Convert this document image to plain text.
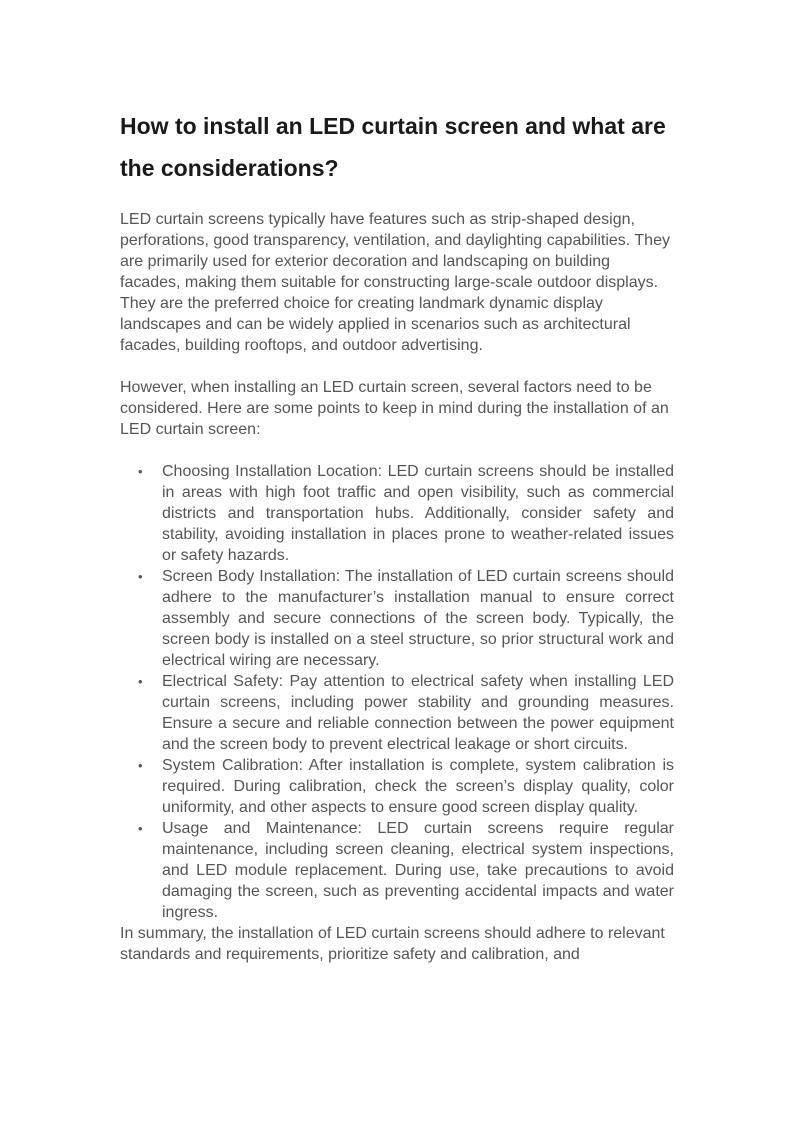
How to install an LED curtain screen and what are the considerations?

LED curtain screens typically have features such as strip-shaped design, perforations, good transparency, ventilation, and daylighting capabilities. They are primarily used for exterior decoration and landscaping on building facades, making them suitable for constructing large-scale outdoor displays. They are the preferred choice for creating landmark dynamic display landscapes and can be widely applied in scenarios such as architectural facades, building rooftops, and outdoor advertising.

However, when installing an LED curtain screen, several factors need to be considered. Here are some points to keep in mind during the installation of an LED curtain screen:

• Choosing Installation Location: LED curtain screens should be installed in areas with high foot traffic and open visibility, such as commercial districts and transportation hubs. Additionally, consider safety and stability, avoiding installation in places prone to weather-related issues or safety hazards.
• Screen Body Installation: The installation of LED curtain screens should adhere to the manufacturer’s installation manual to ensure correct assembly and secure connections of the screen body. Typically, the screen body is installed on a steel structure, so prior structural work and electrical wiring are necessary.
• Electrical Safety: Pay attention to electrical safety when installing LED curtain screens, including power stability and grounding measures. Ensure a secure and reliable connection between the power equipment and the screen body to prevent electrical leakage or short circuits.
• System Calibration: After installation is complete, system calibration is required. During calibration, check the screen’s display quality, color uniformity, and other aspects to ensure good screen display quality.
• Usage and Maintenance: LED curtain screens require regular maintenance, including screen cleaning, electrical system inspections, and LED module replacement. During use, take precautions to avoid damaging the screen, such as preventing accidental impacts and water ingress.

In summary, the installation of LED curtain screens should adhere to relevant standards and requirements, prioritize safety and calibration, and
